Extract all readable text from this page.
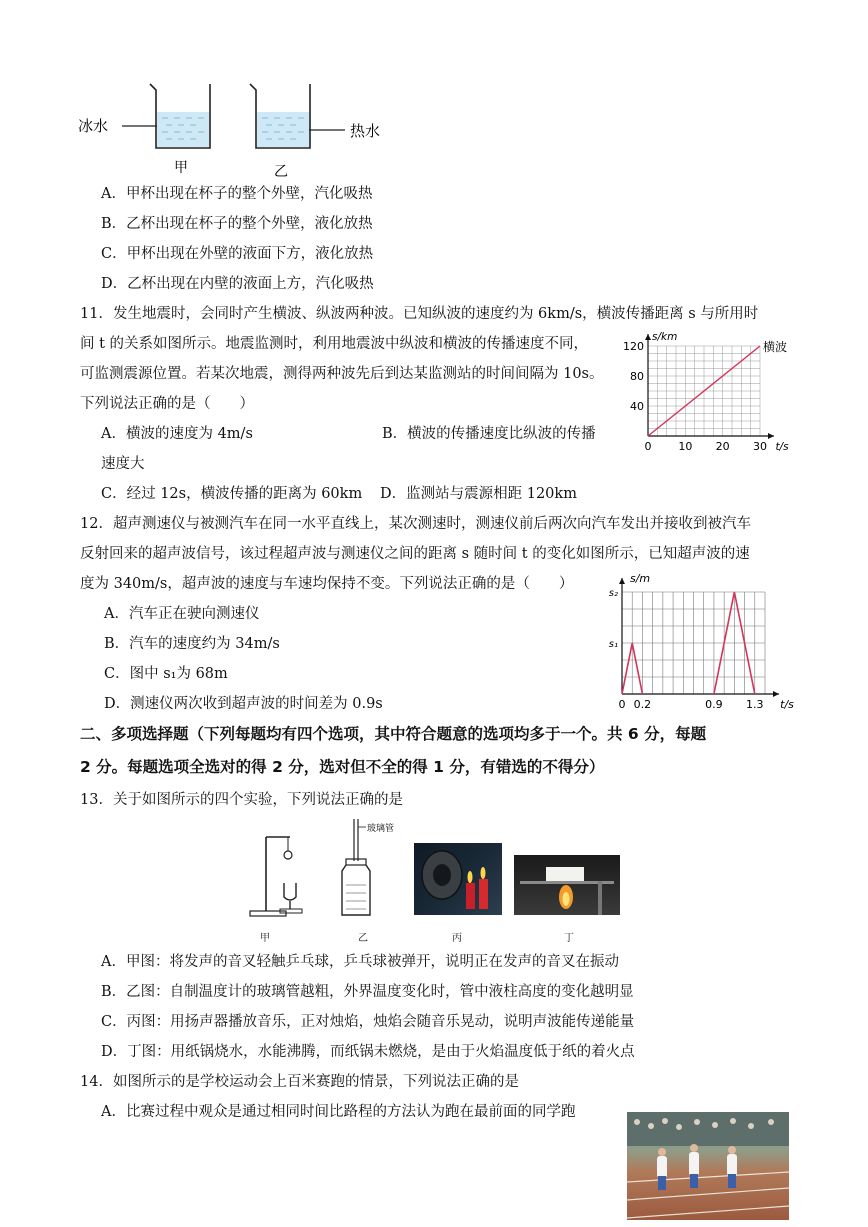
冰水	热水
甲	乙
A．甲杯出现在杯子的整个外壁，汽化吸热
B．乙杯出现在杯子的整个外壁，液化放热
C．甲杯出现在外壁的液面下方，液化放热
D．乙杯出现在内壁的液面上方，汽化吸热
11．发生地震时，会同时产生横波、纵波两种波。已知纵波的速度约为 6km/s，横波传播距离 s 与所用时
间 t 的关系如图所示。地震监测时，利用地震波中纵波和横波的传播速度不同，
可监测震源位置。若某次地震，测得两种波先后到达某监测站的时间间隔为 10s。
下列说法正确的是（　　）
A．横波的速度为 4m/s	B．横波的传播速度比纵波的传播
速度大
C．经过 12s，横波传播的距离为 60km D．监测站与震源相距 120km
0 10 20 30
40
80
120
s/km
t/s
横波
12．超声测速仪与被测汽车在同一水平直线上，某次测速时，测速仪前后两次向汽车发出并接收到被汽车
反射回来的超声波信号，该过程超声波与测速仪之间的距离 s 随时间 t 的变化如图所示，已知超声波的速
度为 340m/s，超声波的速度与车速均保持不变。下列说法正确的是（　　）
A．汽车正在驶向测速仪
B．汽车的速度约为 34m/s
C．图中 s₁为 68m
D．测速仪两次收到超声波的时间差为 0.9s	0 0.2	0.9 1.3
s₁
s₂
s/m
t/s
二、多项选择题（下列每题均有四个选项，其中符合题意的选项均多于一个。共 6 分，每题
2 分。每题选项全选对的得 2 分，选对但不全的得 1 分，有错选的不得分）
13．关于如图所示的四个实验，下列说法正确的是
玻璃管
甲	乙	丙	丁
A．甲图：将发声的音叉轻触乒乓球，乒乓球被弹开，说明正在发声的音叉在振动
B．乙图：自制温度计的玻璃管越粗，外界温度变化时，管中液柱高度的变化越明显
C．丙图：用扬声器播放音乐，正对烛焰，烛焰会随音乐晃动，说明声波能传递能量
D．丁图：用纸锅烧水，水能沸腾，而纸锅未燃烧，是由于火焰温度低于纸的着火点
14．如图所示的是学校运动会上百米赛跑的情景，下列说法正确的是
A．比赛过程中观众是通过相同时间比路程的方法认为跑在最前面的同学跑
